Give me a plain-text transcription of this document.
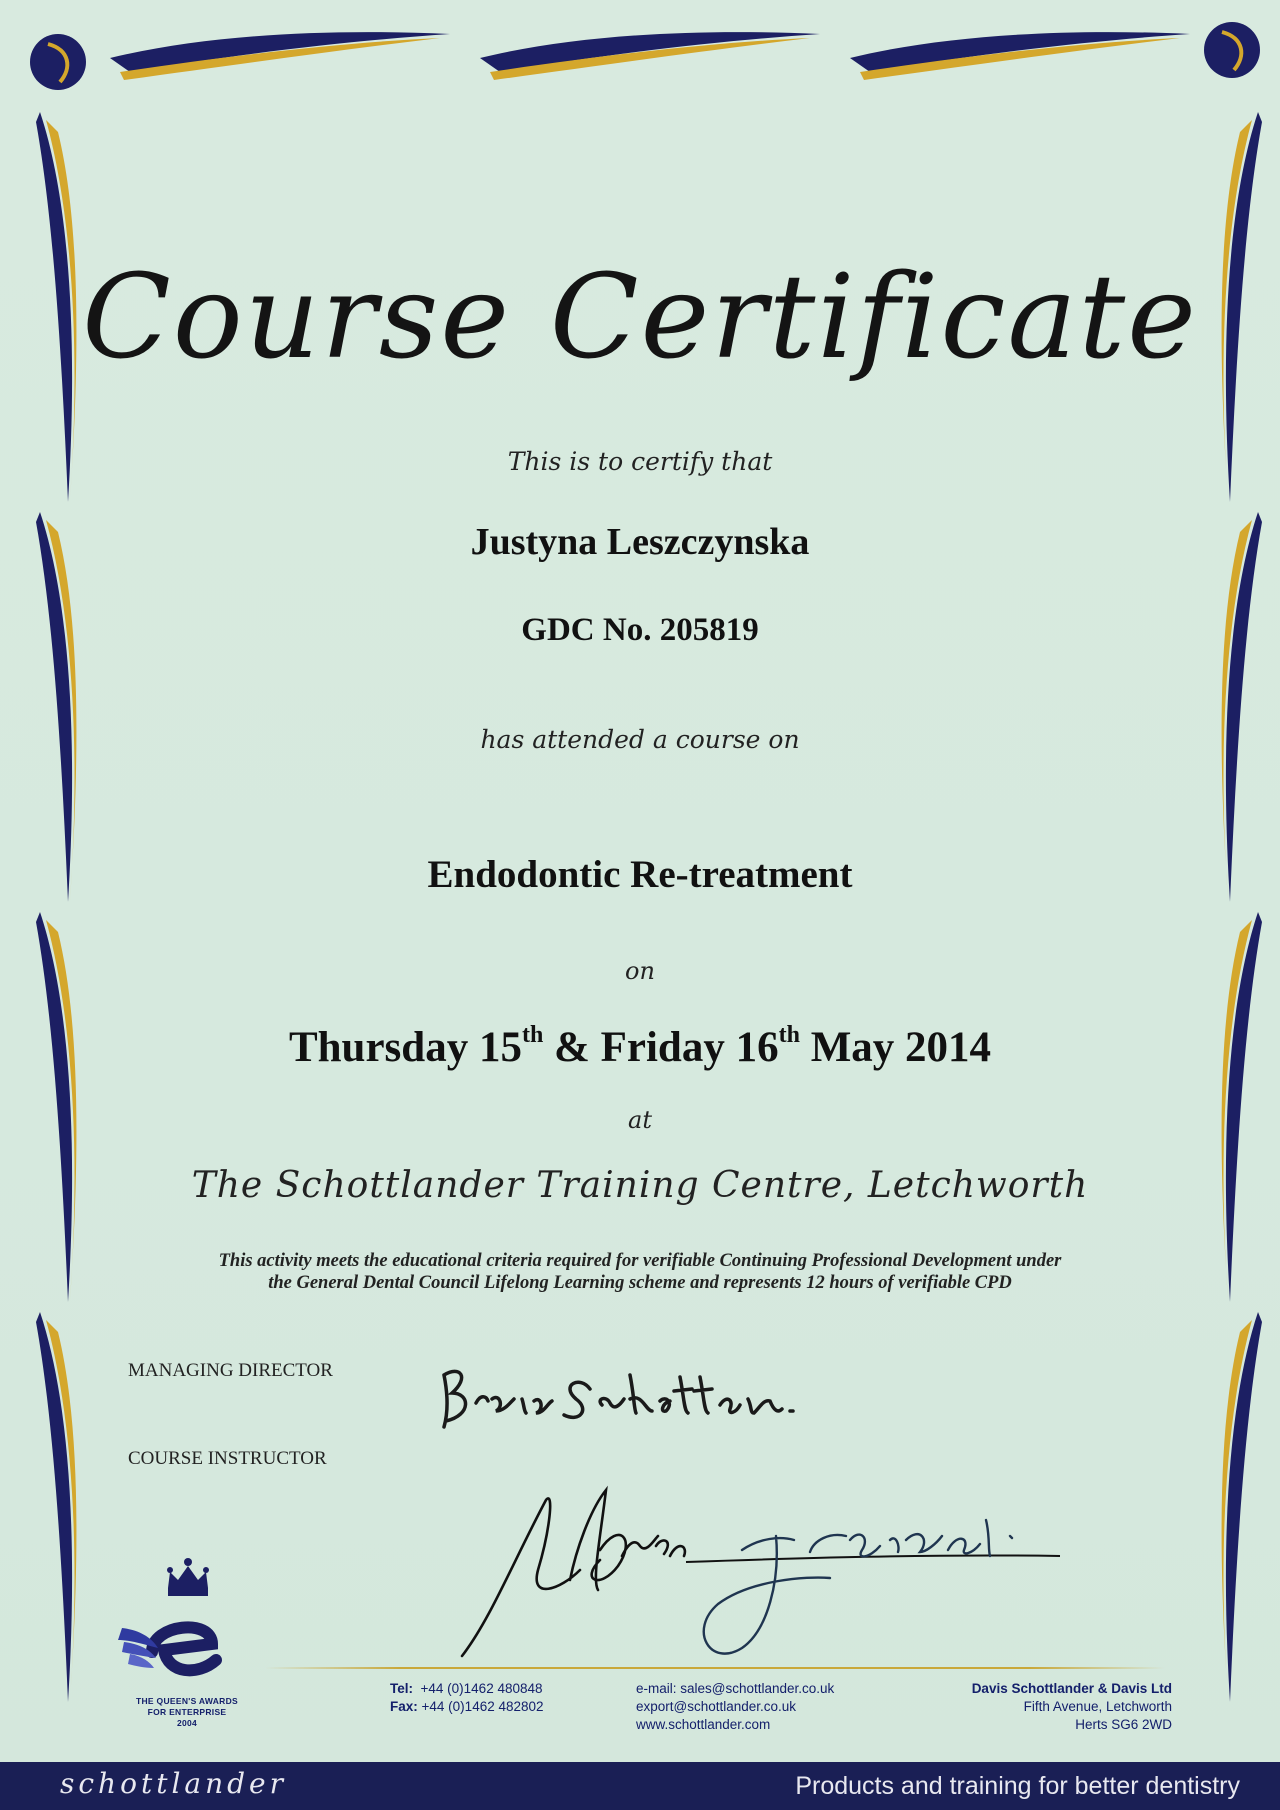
Course Certificate
This is to certify that
Justyna Leszczynska
GDC No. 205819
has attended a course on
Endodontic Re-treatment
on
Thursday 15th & Friday 16th May 2014
at
The Schottlander Training Centre, Letchworth
This activity meets the educational criteria required for verifiable Continuing Professional Development under
the General Dental Council Lifelong Learning scheme and represents 12 hours of verifiable CPD
MANAGING DIRECTOR
COURSE INSTRUCTOR
THE QUEEN'S AWARDS
FOR ENTERPRISE
2004
Tel: +44 (0)1462 480848
Fax: +44 (0)1462 482802
e-mail: sales@schottlander.co.uk
export@schottlander.co.uk
www.schottlander.com
Davis Schottlander & Davis Ltd
Fifth Avenue, Letchworth
Herts SG6 2WD
schottlander	Products and training for better dentistry
